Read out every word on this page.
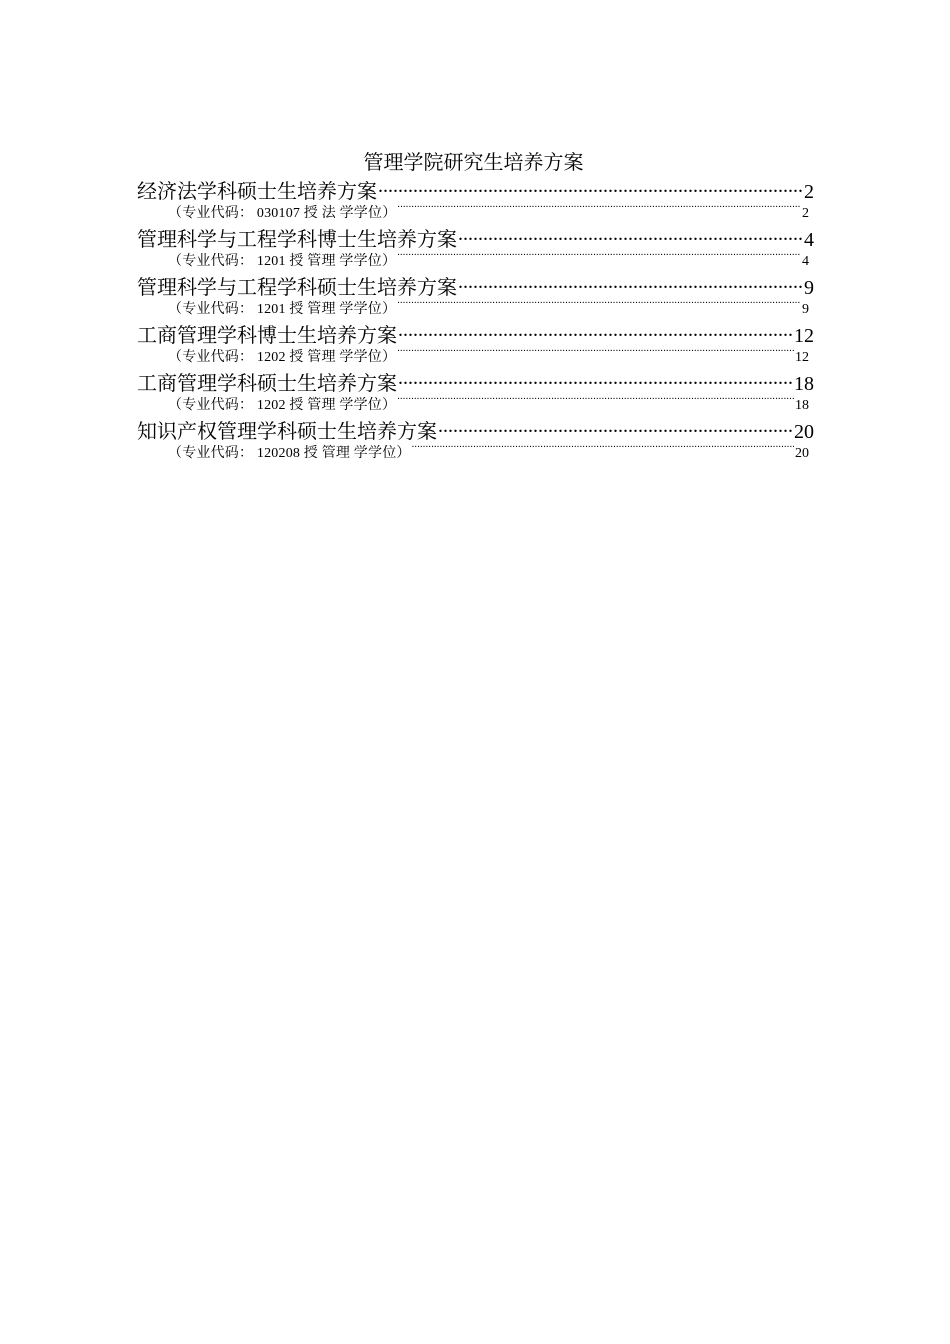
管理学院研究生培养方案
经济法学科硕士生培养方案 .....	2
（专业代码： 030107 授 法 学学位） .....	2
管理科学与工程学科博士生培养方案 .....	4
（专业代码： 1201 授 管理 学学位） .....	4
管理科学与工程学科硕士生培养方案 .....	9
（专业代码： 1201 授 管理 学学位） .....	9
工商管理学科博士生培养方案 .....	12
（专业代码： 1202 授 管理 学学位） .....	12
工商管理学科硕士生培养方案 .....	18
（专业代码： 1202 授 管理 学学位） .....	18
知识产权管理学科硕士生培养方案 .....	20
（专业代码： 120208 授 管理 学学位） .....	20
